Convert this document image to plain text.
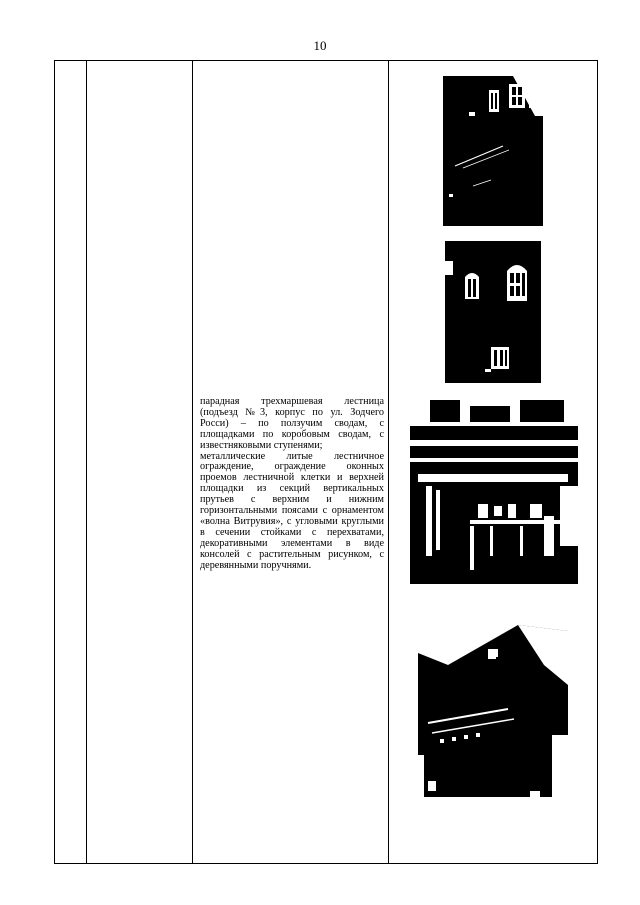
10

парадная трехмаршевая лестница (подъезд №3, корпус по ул. Зодчего Росси) – по ползучим сводам, с площадками по коробовым сводам, с известняковыми ступенями;

металлические литые лестничное ограждение, ограждение оконных проемов лестничной клетки и верхней площадки из секций вертикальных прутьев с верхним и нижним горизонтальными поясами с орнаментом «волна Витрувия», с угловыми круглыми в сечении стойками с перехватами, декоративными элементами в виде консолей с растительным рисунком, с деревянными поручнями.
